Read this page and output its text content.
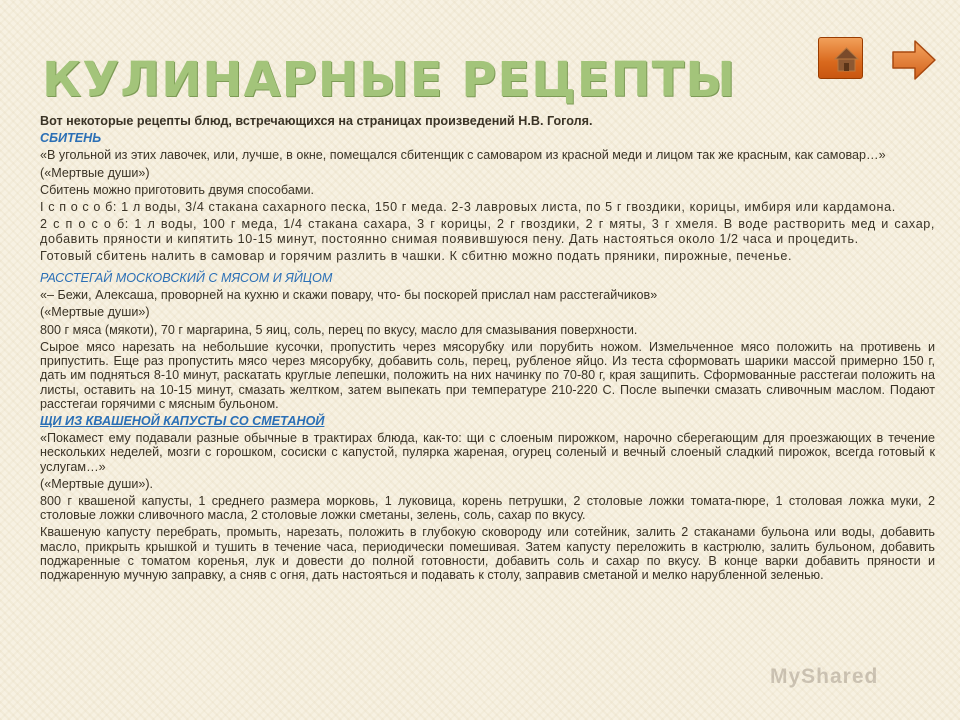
КУЛИНАРНЫЕ РЕЦЕПТЫ

Вот некоторые рецепты блюд, встречающихся на страницах произведений Н.В. Гоголя.

СБИТЕНЬ

«В угольной из этих лавочек, или, лучше, в окне, помещался сбитенщик с самоваром из красной меди и лицом так же красным, как самовар…»

(«Мертвые души»)

Сбитень можно приготовить двумя способами.

I с п о с о б: 1 л воды, 3/4 стакана сахарного песка, 150 г меда. 2-3 лавровых листа, по 5 г гвоздики, корицы, имбиря или кардамона.

2 с п о с о б: 1 л воды, 100 г меда, 1/4 стакана сахара, 3 г корицы, 2 г гвоздики, 2 г мяты, 3 г хмеля. В воде растворить мед и сахар, добавить пряности и кипятить 10-15 минут, постоянно снимая появившуюся пену. Дать настояться около 1/2 часа и процедить.

Готовый сбитень налить в самовар и горячим разлить в чашки. К сбитню можно подать пряники, пирожные, печенье.

РАССТЕГАЙ МОСКОВСКИЙ С МЯСОМ И ЯЙЦОМ

«– Бежи, Алексаша, проворней на кухню и скажи повару, что- бы поскорей прислал нам расстегайчиков»

(«Мертвые души»)

800 г мяса (мякоти), 70 г маргарина, 5 яиц, соль, перец по вкусу, масло для смазывания поверхности.

Сырое мясо нарезать на небольшие кусочки, пропустить через мясорубку или порубить ножом. Измельченное мясо положить на противень и припустить. Еще раз пропустить мясо через мясорубку, добавить соль, перец, рубленое яйцо. Из теста сформовать шарики массой примерно 150 г, дать им подняться 8-10 минут, раскатать круглые лепешки, положить на них начинку по 70-80 г, края защипить. Сформованные расстегаи положить на листы, оставить на 10-15 минут, смазать желтком, затем выпекать при температуре 210-220 С. После выпечки смазать сливочным маслом. Подают расстегаи горячими с мясным бульоном.

ЩИ ИЗ КВАШЕНОЙ КАПУСТЫ СО СМЕТАНОЙ

«Покамест ему подавали разные обычные в трактирах блюда, как-то: щи с слоеным пирожком, нарочно сберегающим для проезжающих в течение нескольких неделей, мозги с горошком, сосиски с капустой, пулярка жареная, огурец соленый и вечный слоеный сладкий пирожок, всегда готовый к услугам…»

(«Мертвые души»).

800 г квашеной капусты, 1 среднего размера морковь, 1 луковица, корень петрушки, 2 столовые ложки томата-пюре, 1 столовая ложка муки, 2 столовые ложки сливочного масла, 2 столовые ложки сметаны, зелень, соль, сахар по вкусу.

Квашеную капусту перебрать, промыть, нарезать, положить в глубокую сковороду или сотейник, залить 2 стаканами бульона или воды, добавить масло, прикрыть крышкой и тушить в течение часа, периодически помешивая. Затем капусту переложить в кастрюлю, залить бульоном, добавить поджаренные с томатом коренья, лук и довести до полной готовности, добавить соль и сахар по вкусу. В конце варки добавить пряности и поджаренную мучную заправку, а сняв с огня, дать настояться и подавать к столу, заправив сметаной и мелко нарубленной зеленью.

MyShared
